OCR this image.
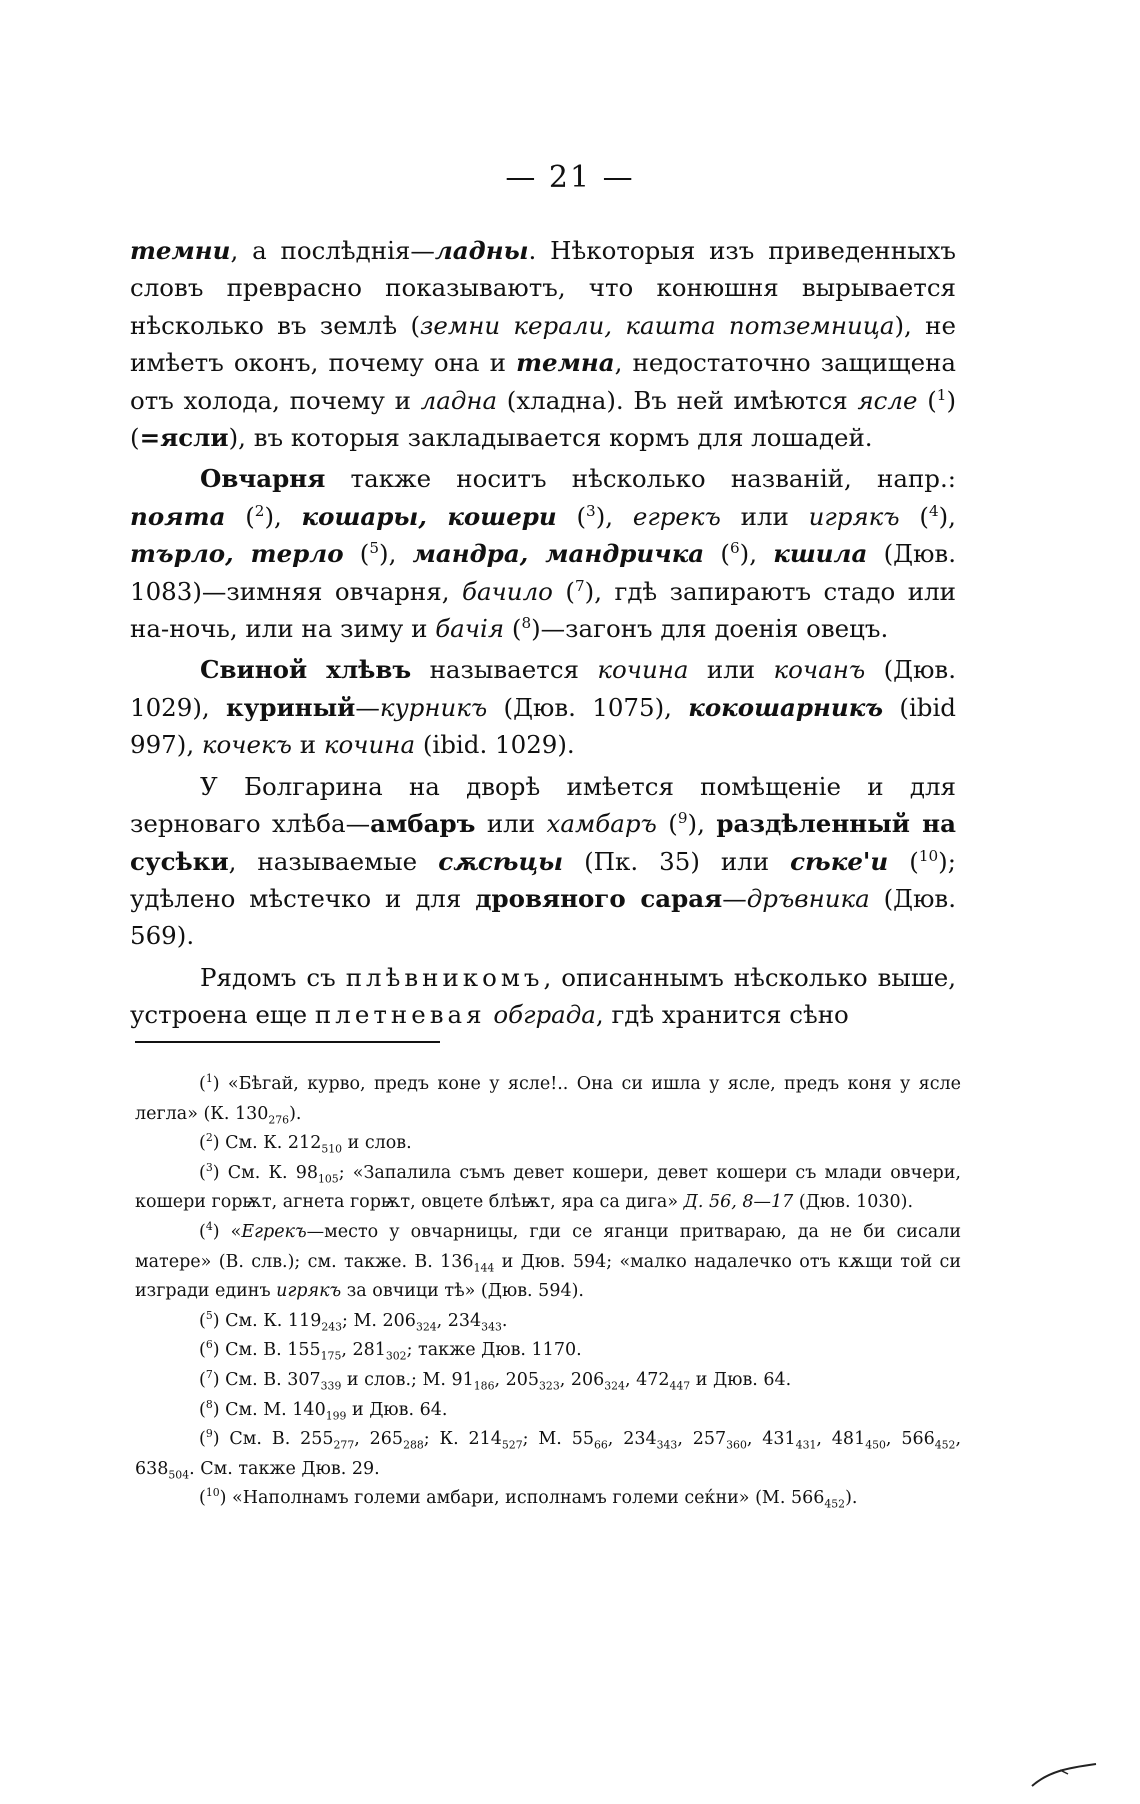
— 21 —

темни, а послѣднія—ладны. Нѣкоторыя изъ приведенныхъ словъ преврасно показываютъ, что конюшня вырывается нѣсколько въ землѣ (земни керали, кашта потземница), не имѣетъ оконъ, почему она и темна, недостаточно защищена отъ холода, почему и ладна (хладна). Въ ней имѣются ясле ($^1$) (=ясли), въ которыя закладывается кормъ для лошадей.

Овчарня также носитъ нѣсколько названій, напр.: поята ($^2$), кошары, кошери ($^3$), егрекъ или игрякъ ($^4$), търло, терло ($^5$), мандра, мандричка ($^6$), кшила (Дюв. 1083)—зимняя овчарня, бачило ($^7$), гдѣ запираютъ стадо или на-ночь, или на зиму и бачія ($^8$)—загонъ для доенія овецъ.

Свиной хлѣвъ называется кочина или кочанъ (Дюв. 1029), куриный—курникъ (Дюв. 1075), кокошарникъ (ibid 997), кочекъ и кочина (ibid. 1029).

У Болгарина на дворѣ имѣется помѣщеніе и для зерноваго хлѣба—амбаръ или хамбаръ ($^9$), раздѣленный на сусѣки, называемые сѫсѣцы (Пк. 35) или сѣке'и ($^{10}$); удѣлено мѣстечко и для дровяного сарая—дръвника (Дюв. 569).

Рядомъ съ плѣвникомъ, описаннымъ нѣсколько выше, устроена еще плетневая обграда, гдѣ хранится сѣно

($^1$) «Бѣгай, курво, предъ коне у ясле!.. Она си ишла у ясле, предъ коня у ясле легла» (К. $130_{276}$).
($^2$) См. К. $212_{510}$ и слов.
($^3$) См. К. $98_{105}$; «Запалила съмъ девет кошери, девет кошери съ млади овчери, кошери горѭт, агнета горѭт, овцете блѣѭт, яра са дига» Д. 56, 8—17 (Дюв. 1030).
($^4$) «Егрекъ—место у овчарницы, гди се яганци притвараю, да не би сисали матере» (В. слв.); см. также. В. $136_{144}$ и Дюв. 594; «малко надалечко отъ кѫщи той си изгради единъ игрякъ за овчици тѣ» (Дюв. 594).
($^5$) См. К. $119_{243}$; М. $206_{324}$, $234_{343}$.
($^6$) См. В. $155_{175}$, $281_{302}$; также Дюв. 1170.
($^7$) См. В. $307_{339}$ и слов.; М. $91_{186}$, $205_{323}$, $206_{324}$, $472_{447}$ и Дюв. 64.
($^8$) См. М. $140_{199}$ и Дюв. 64.
($^9$) См. В. $255_{277}$, $265_{288}$; К. $214_{527}$; М. $55_{66}$, $234_{343}$, $257_{360}$, $431_{431}$, $481_{450}$, $566_{452}$, $638_{504}$. См. также Дюв. 29.
($^{10}$) «Наполнамъ големи амбари, исполнамъ големи сеќни» (М. $566_{452}$).
